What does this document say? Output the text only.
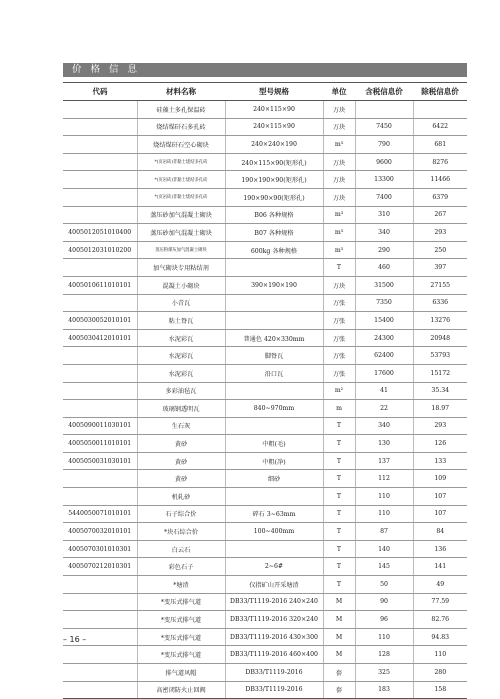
价 格 信 息
代码	材料名称	型号规格	单位	含税信息价	除税信息价
	硅藻土多孔保温砖	240×115×90	万块		
	烧结煤矸石多孔砖	240×115×90	万块	7450	6422
	烧结煤矸石空心砌块	240×240×190	m³	790	681
	*(页岩砖)非黏土烧结多孔砖	240×115×90(矩形孔)	万块	9600	8276
	*(页岩砖)非黏土烧结多孔砖	190×190×90(矩形孔)	万块	13300	11466
	*(页岩砖)非黏土烧结多孔砖	190×90×90(矩形孔)	万块	7400	6379
	蒸压砂加气混凝土砌块	B06 各种规格	m³	310	267
4005012051010400	蒸压砂加气混凝土砌块	B07 各种规格	m³	340	293
4005012031010200	蒸压粉煤灰加气混凝土砌块	600kg 各种规格	m³	290	250
	加气砌块专用粘结剂		T	460	397
4005010611010101	混凝土小砌块	390×190×190	万块	31500	27155
	小青瓦		万张	7350	6336
4005030052010101	粘土脊瓦		万张	15400	13276
4005030412010101	水泥彩瓦	普通色 420×330mm	万张	24300	20948
	水泥彩瓦	脚脊瓦	万张	62400	53793
	水泥彩瓦	沿口瓦	万张	17600	15172
	多彩油毡瓦		m²	41	35.34
	玻璃钢透明瓦	840~970mm	m	22	18.97
4005090011030101	生石灰		T	340	293
4005050011010101	黄砂	中粗(毛)	T	130	126
4005050031030101	黄砂	中粗(净)	T	137	133
	黄砂	细砂	T	112	109
	机轧砂		T	110	107
5440050071010101	石子综合价	碎石 3~63mm	T	110	107
4005070032010101	*块石综合价	100~400mm	T	87	84
4005070301010301	白云石		T	140	136
4005070212010301	彩色石子	2~6#	T	145	141
	*塘渣	仅指矿山开采塘渣	T	50	49
	*变压式排气道	DB33/T1119-2016 240×240	M	90	77.59
	*变压式排气道	DB33/T1119-2016 320×240	M	96	82.76
	*变压式排气道	DB33/T1119-2016 430×300	M	110	94.83
	*变压式排气道	DB33/T1119-2016 460×400	M	128	110
	排气道风帽	DB33/T1119-2016	套	325	280
	高密闭防火止回阀	DB33/T1119-2016	套	183	158
– 16 –
